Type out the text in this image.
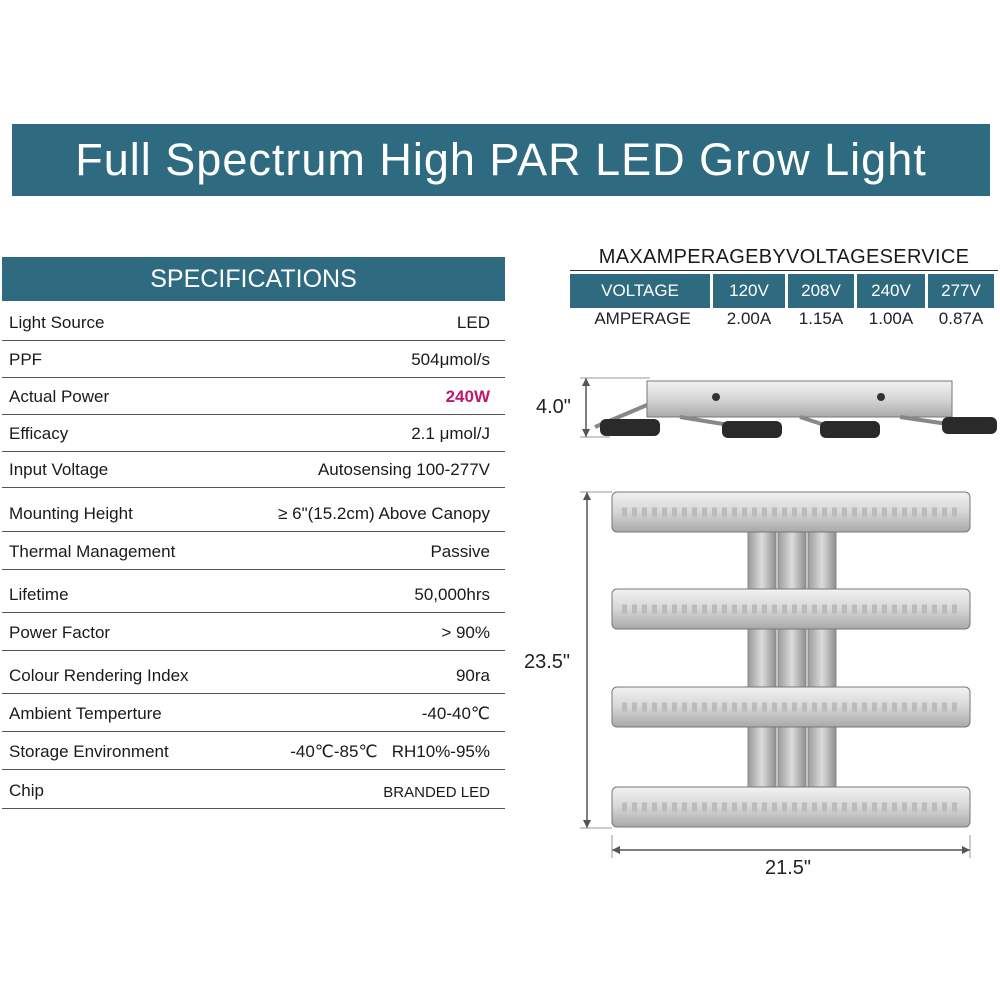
Full Spectrum High PAR LED Grow Light
SPECIFICATIONS
Light Source	LED
PPF	504μmol/s
Actual Power	240W
Efficacy	2.1 μmol/J
Input Voltage	Autosensing 100-277V
Mounting Height	≥ 6"(15.2cm) Above Canopy
Thermal Management	Passive
Lifetime	50,000hrs
Power Factor	> 90%
Colour Rendering Index	90ra
Ambient Temperture	-40-40℃
Storage Environment	-40℃-85℃   RH10%-95%
Chip	BRANDED LED
MAXAMPERAGEBYVOLTAGESERVICE
VOLTAGE	120V	208V	240V	277V
AMPERAGE	2.00A	1.15A	1.00A	0.87A
4.0"
23.5"
21.5"
